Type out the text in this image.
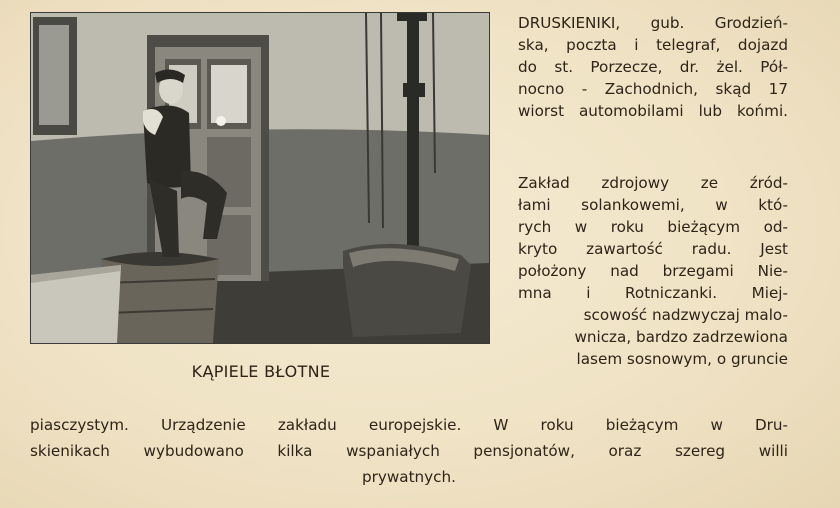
KĄPIELE BŁOTNE
DRUSKIENIKI, gub. Grodzień-
ska, poczta i telegraf, dojazd
do st. Porzecze, dr. żel. Pół-
nocno - Zachodnich, skąd 17
wiorst automobilami lub końmi.
Zakład zdrojowy ze źród-
łami solankowemi, w któ-
rych w roku bieżącym od-
kryto zawartość radu. Jest
położony nad brzegami Nie-
mna i Rotniczanki. Miej-
scowość nadzwyczaj malo-
wnicza, bardzo zadrzewiona
lasem sosnowym, o gruncie
piasczystym. Urządzenie zakładu europejskie. W roku bieżącym w Dru-
skienikach wybudowano kilka wspaniałych pensjonatów, oraz szereg willi
prywatnych.
